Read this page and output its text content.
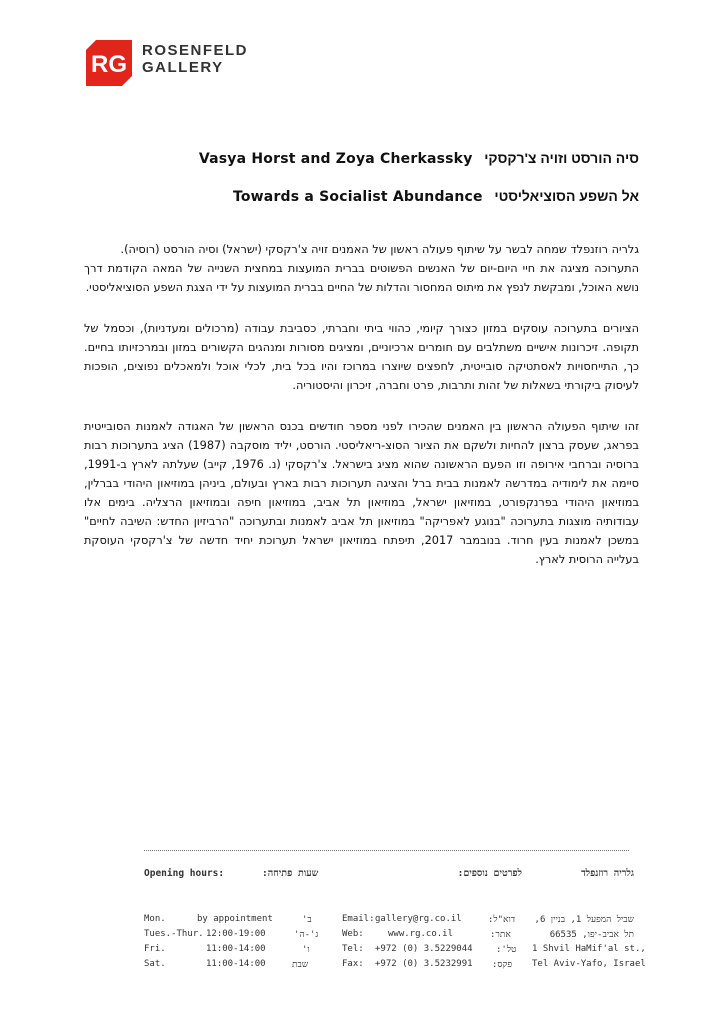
RG
ROSENFELD
GALLERY
סיה הורסט וזויה צ'רקסקי   Vasya Horst and Zoya Cherkassky
אל השפע הסוציאליסטי   Towards a Socialist Abundance

גלריה רוזנפלד שמחה לבשר על שיתוף פעולה ראשון של האמנים זויה צ'רקסקי (ישראל) וסיה הורסט (רוסיה).
התערוכה מציגה את חיי היום-יום של האנשים הפשוטים בברית המועצות במחצית השנייה של המאה הקודמת דרך נושא האוכל, ומבקשת לנפץ את מיתוס המחסור והדלות של החיים בברית המועצות על ידי הצגת השפע הסוציאליסטי.

הציורים בתערוכה עוסקים במזון כצורך קיומי, כהווי ביתי וחברתי, כסביבת עבודה (מרכולים ומעדניות), וכסמל של תקופה. זיכרונות אישיים משתלבים עם חומרים ארכיוניים, ומציגים מסורות ומנהגים הקשורים במזון ובמרכזיותו בחיים. כך, התייחסויות לאסתטיקה סובייטית, לחפצים שיוצרו במרוכז והיו בכל בית, לכלי אוכל ולמאכלים נפוצים, הופכות לעיסוק ביקורתי בשאלות של זהות ותרבות, פרט וחברה, זיכרון והיסטוריה.

זהו שיתוף הפעולה הראשון בין האמנים שהכירו לפני מספר חודשים בכנס הראשון של האגודה לאמנות הסובייטית בפראג, שעסק ברצון להחיות ולשקם את הציור הסוצ-ריאליסטי. הורסט, יליד מוסקבה (1987) הציג בתערוכות רבות ברוסיה וברחבי אירופה וזו הפעם הראשונה שהוא מציג בישראל. צ'רקסקי (נ. 1976, קייב) שעלתה לארץ ב-1991, סיימה את לימודיה במדרשה לאמנות בבית ברל והציגה תערוכות רבות בארץ ובעולם, ביניהן במוזיאון היהודי בברלין, במוזיאון היהודי בפרנקפורט, במוזיאון ישראל, במוזיאון תל אביב, במוזיאון חיפה ובמוזיאון הרצליה. בימים אלו עבודותיה מוצגות בתערוכה "בנוגע לאפריקה" במוזיאון תל אביב לאמנות ובתערוכה "הרביזיון החדש: השיבה לחיים" במשכן לאמנות בעין חרוד. בנובמבר 2017, תיפתח במוזיאון ישראל תערוכת יחיד חדשה של צ'רקסקי העוסקת בעלייה הרוסית לארץ.

Opening hours:	שעות פתיחה:
Mon.	by appointment	ב'
Tues.-Thur. 12:00-19:00	ג'-ה'
Fri.	11:00-14:00	ו'
Sat.	11:00-14:00	שבת
לפרטים נוספים:
Email: gallery@rg.co.il	דוא"ל:
Web:	www.rg.co.il	אתר:
Tel: +972 (0) 3.5229044	טל':
Fax: +972 (0) 3.5232991 פקס:
גלריה רוזנפלד
שביל המפעל 1, בניין 6,
תל אביב-יפו, 66535
1 Shvil HaMif'al st.,
Tel Aviv-Yafo, Israel
